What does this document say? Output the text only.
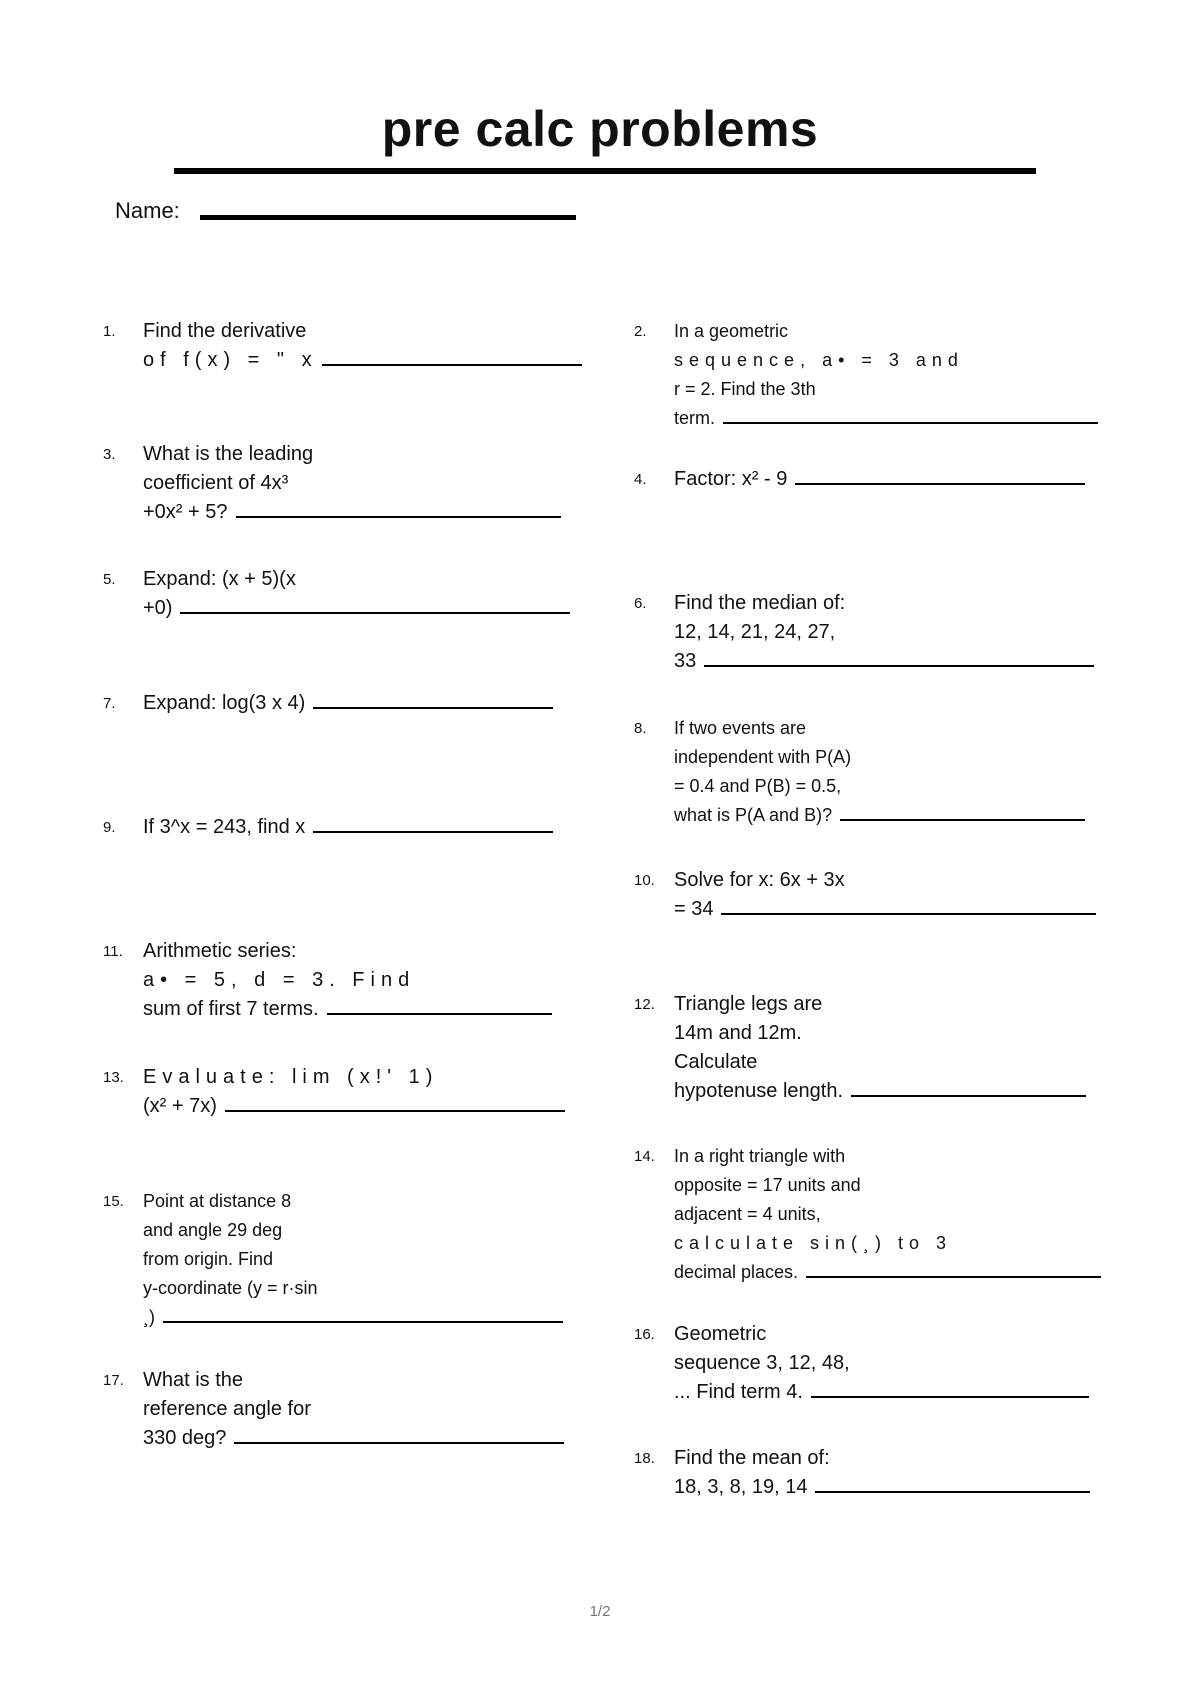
pre calc problems
Name:
1.	Find the derivative
of f(x) = " x
3.	What is the leading
coefficient of 4x³
+0x² + 5?
5.	Expand: (x + 5)(x
+0)
7.	Expand: log(3 x 4)
9.	If 3^x = 243, find x
11.	Arithmetic series:
a• = 5, d = 3. Find
sum of first 7 terms.
13. Evaluate: lim (x!' 1)
(x² + 7x)
15.	Point at distance 8
and angle 29 deg
from origin. Find
y-coordinate (y = r·sin
¸)
17. What is the
reference angle for
330 deg?
2.	In a geometric
sequence, a• = 3 and
r = 2. Find the 3th
term.
4.	Factor: x² - 9
6.	Find the median of:
12, 14, 21, 24, 27,
33
8.	If two events are
independent with P(A)
= 0.4 and P(B) = 0.5,
what is P(A and B)?
10. Solve for x: 6x + 3x
= 34
12. Triangle legs are
14m and 12m.
Calculate
hypotenuse length.
14.	In a right triangle with
opposite = 17 units and
adjacent = 4 units,
calculate sin(¸) to 3
decimal places.
16. Geometric
sequence 3, 12, 48,
... Find term 4.
18. Find the mean of:
18, 3, 8, 19, 14
1/2
